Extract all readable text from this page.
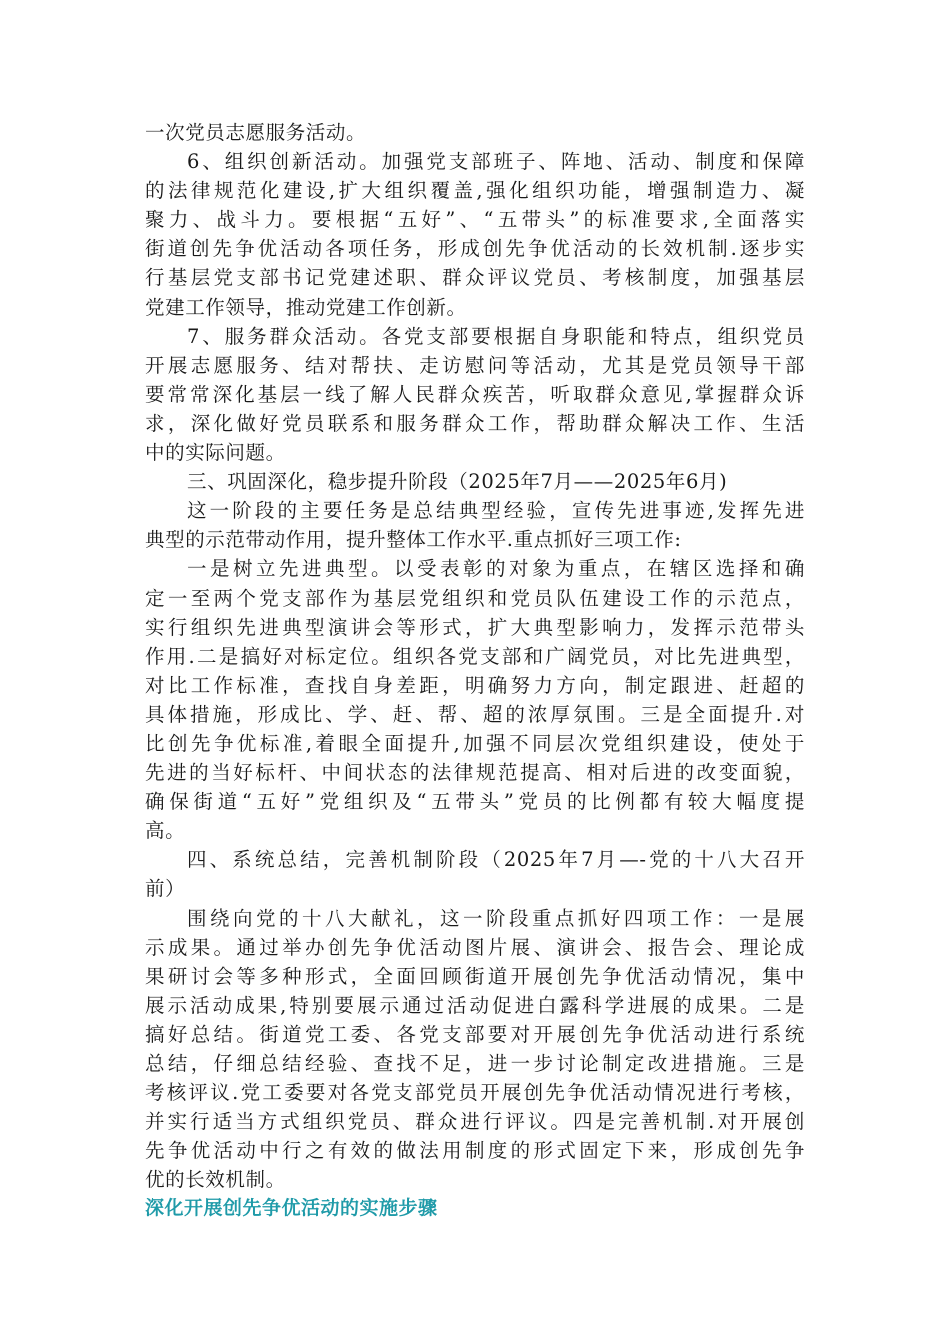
一次党员志愿服务活动。
6、组织创新活动。加强党支部班子、阵地、活动、制度和保障
的法律规范化建设,扩大组织覆盖,强化组织功能，增强制造力、凝
聚力、战斗力。要根据“五好”、“五带头”的标准要求,全面落实
街道创先争优活动各项任务，形成创先争优活动的长效机制.逐步实
行基层党支部书记党建述职、群众评议党员、考核制度，加强基层
党建工作领导，推动党建工作创新。
7、服务群众活动。各党支部要根据自身职能和特点，组织党员
开展志愿服务、结对帮扶、走访慰问等活动，尤其是党员领导干部
要常常深化基层一线了解人民群众疾苦，听取群众意见,掌握群众诉
求，深化做好党员联系和服务群众工作，帮助群众解决工作、生活
中的实际问题。
三、巩固深化，稳步提升阶段（2025年7月——2025年6月)
这一阶段的主要任务是总结典型经验，宣传先进事迹,发挥先进
典型的示范带动作用，提升整体工作水平.重点抓好三项工作:
一是树立先进典型。以受表彰的对象为重点，在辖区选择和确
定一至两个党支部作为基层党组织和党员队伍建设工作的示范点，
实行组织先进典型演讲会等形式，扩大典型影响力，发挥示范带头
作用.二是搞好对标定位。组织各党支部和广阔党员，对比先进典型，
对比工作标准，查找自身差距，明确努力方向，制定跟进、赶超的
具体措施，形成比、学、赶、帮、超的浓厚氛围。三是全面提升.对
比创先争优标准,着眼全面提升,加强不同层次党组织建设，使处于
先进的当好标杆、中间状态的法律规范提高、相对后进的改变面貌，
确保街道“五好”党组织及“五带头”党员的比例都有较大幅度提
高。
四、系统总结，完善机制阶段（2025年7月—-党的十八大召开
前）
围绕向党的十八大献礼，这一阶段重点抓好四项工作：一是展
示成果。通过举办创先争优活动图片展、演讲会、报告会、理论成
果研讨会等多种形式，全面回顾街道开展创先争优活动情况，集中
展示活动成果,特别要展示通过活动促进白露科学进展的成果。二是
搞好总结。街道党工委、各党支部要对开展创先争优活动进行系统
总结，仔细总结经验、查找不足，进一步讨论制定改进措施。三是
考核评议.党工委要对各党支部党员开展创先争优活动情况进行考核，
并实行适当方式组织党员、群众进行评议。四是完善机制.对开展创
先争优活动中行之有效的做法用制度的形式固定下来，形成创先争
优的长效机制。
深化开展创先争优活动的实施步骤
